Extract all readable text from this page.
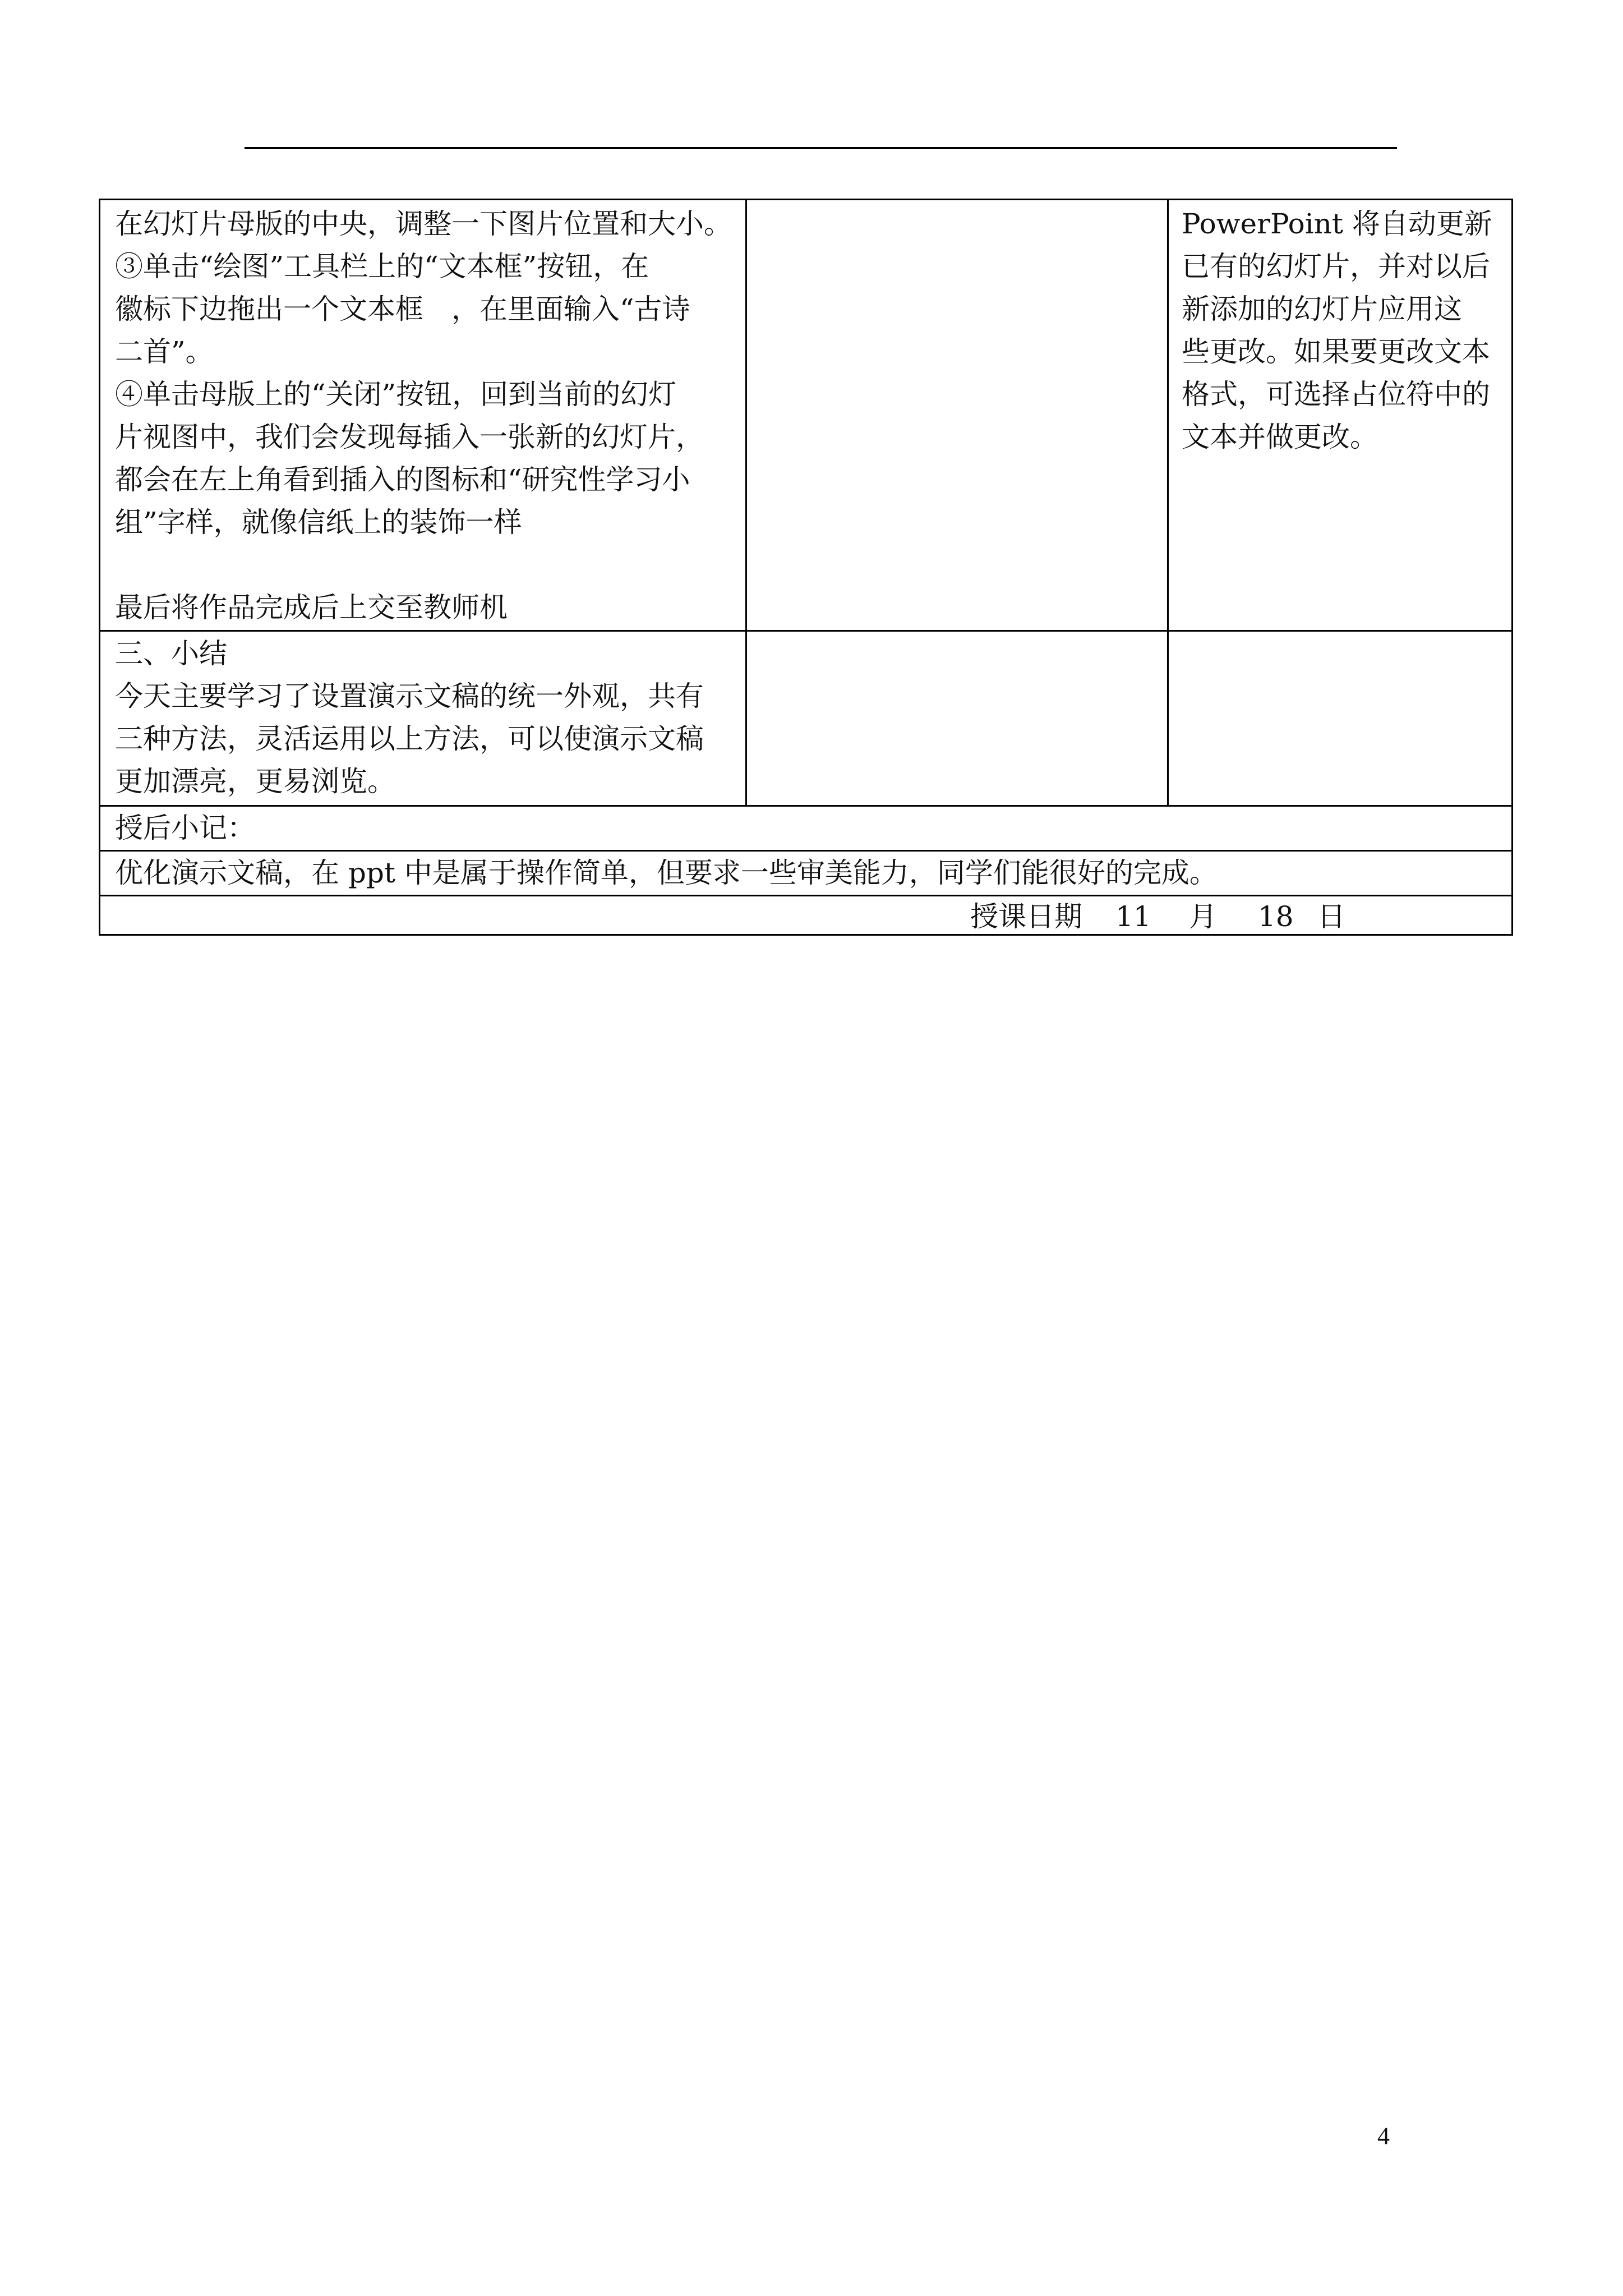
在幻灯片母版的中央，调整一下图片位置和大小。

③单击“绘图”工具栏上的“文本框”按钮，在

徽标下边拖出一个文本框　，在里面输入“古诗

二首”。

④单击母版上的“关闭”按钮，回到当前的幻灯

片视图中，我们会发现每插入一张新的幻灯片，

都会在左上角看到插入的图标和“研究性学习小

组”字样，就像信纸上的装饰一样

最后将作品完成后上交至教师机

PowerPoint 将自动更新

已有的幻灯片，并对以后

新添加的幻灯片应用这

些更改。如果要更改文本

格式，可选择占位符中的

文本并做更改。

三、小结

今天主要学习了设置演示文稿的统一外观，共有

三种方法，灵活运用以上方法，可以使演示文稿

更加漂亮，更易浏览。

授后小记：

优化演示文稿，在 ppt 中是属于操作简单，但要求一些审美能力，同学们能很好的完成。

授课日期 11 月 18 日
4
